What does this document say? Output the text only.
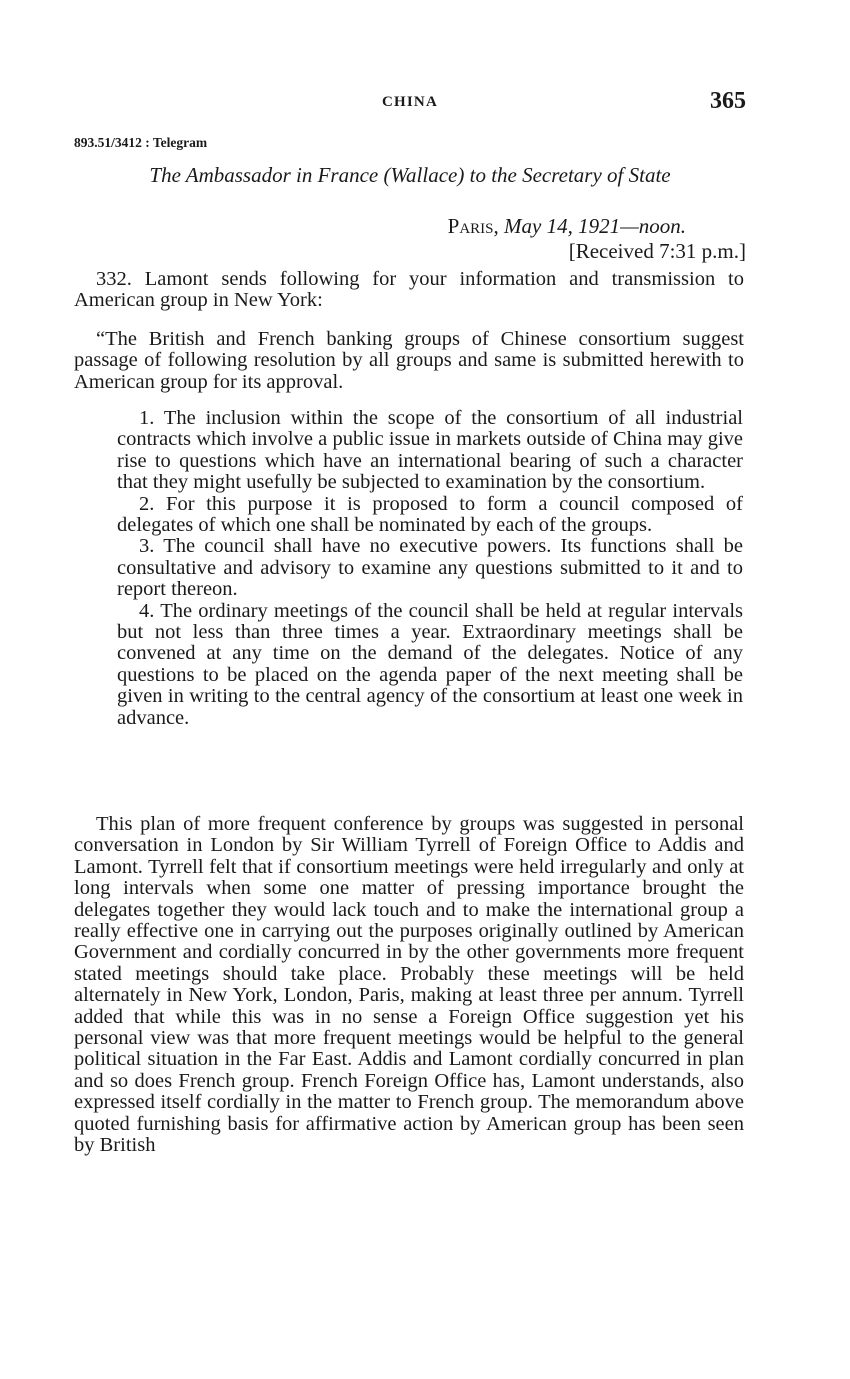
CHINA	365
893.51/3412 : Telegram
The Ambassador in France (Wallace) to the Secretary of State
Paris, May 14, 1921—noon.
[Received 7:31 p.m.]

332. Lamont sends following for your information and transmission to American group in New York:

“The British and French banking groups of Chinese consortium suggest passage of following resolution by all groups and same is submitted herewith to American group for its approval.

1. The inclusion within the scope of the consortium of all industrial contracts which involve a public issue in markets outside of China may give rise to questions which have an international bearing of such a character that they might usefully be subjected to examination by the consortium.
2. For this purpose it is proposed to form a council composed of delegates of which one shall be nominated by each of the groups.
3. The council shall have no executive powers. Its functions shall be consultative and advisory to examine any questions submitted to it and to report thereon.
4. The ordinary meetings of the council shall be held at regular intervals but not less than three times a year. Extraordinary meetings shall be convened at any time on the demand of the delegates. Notice of any questions to be placed on the agenda paper of the next meeting shall be given in writing to the central agency of the consortium at least one week in advance.

This plan of more frequent conference by groups was suggested in personal conversation in London by Sir William Tyrrell of Foreign Office to Addis and Lamont. Tyrrell felt that if consortium meetings were held irregularly and only at long intervals when some one matter of pressing importance brought the delegates together they would lack touch and to make the international group a really effective one in carrying out the purposes originally outlined by American Government and cordially concurred in by the other governments more frequent stated meetings should take place. Probably these meetings will be held alternately in New York, London, Paris, making at least three per annum. Tyrrell added that while this was in no sense a Foreign Office suggestion yet his personal view was that more frequent meetings would be helpful to the general political situation in the Far East. Addis and Lamont cordially concurred in plan and so does French group. French Foreign Office has, Lamont understands, also expressed itself cordially in the matter to French group. The memorandum above quoted furnishing basis for affirmative action by American group has been seen by British
